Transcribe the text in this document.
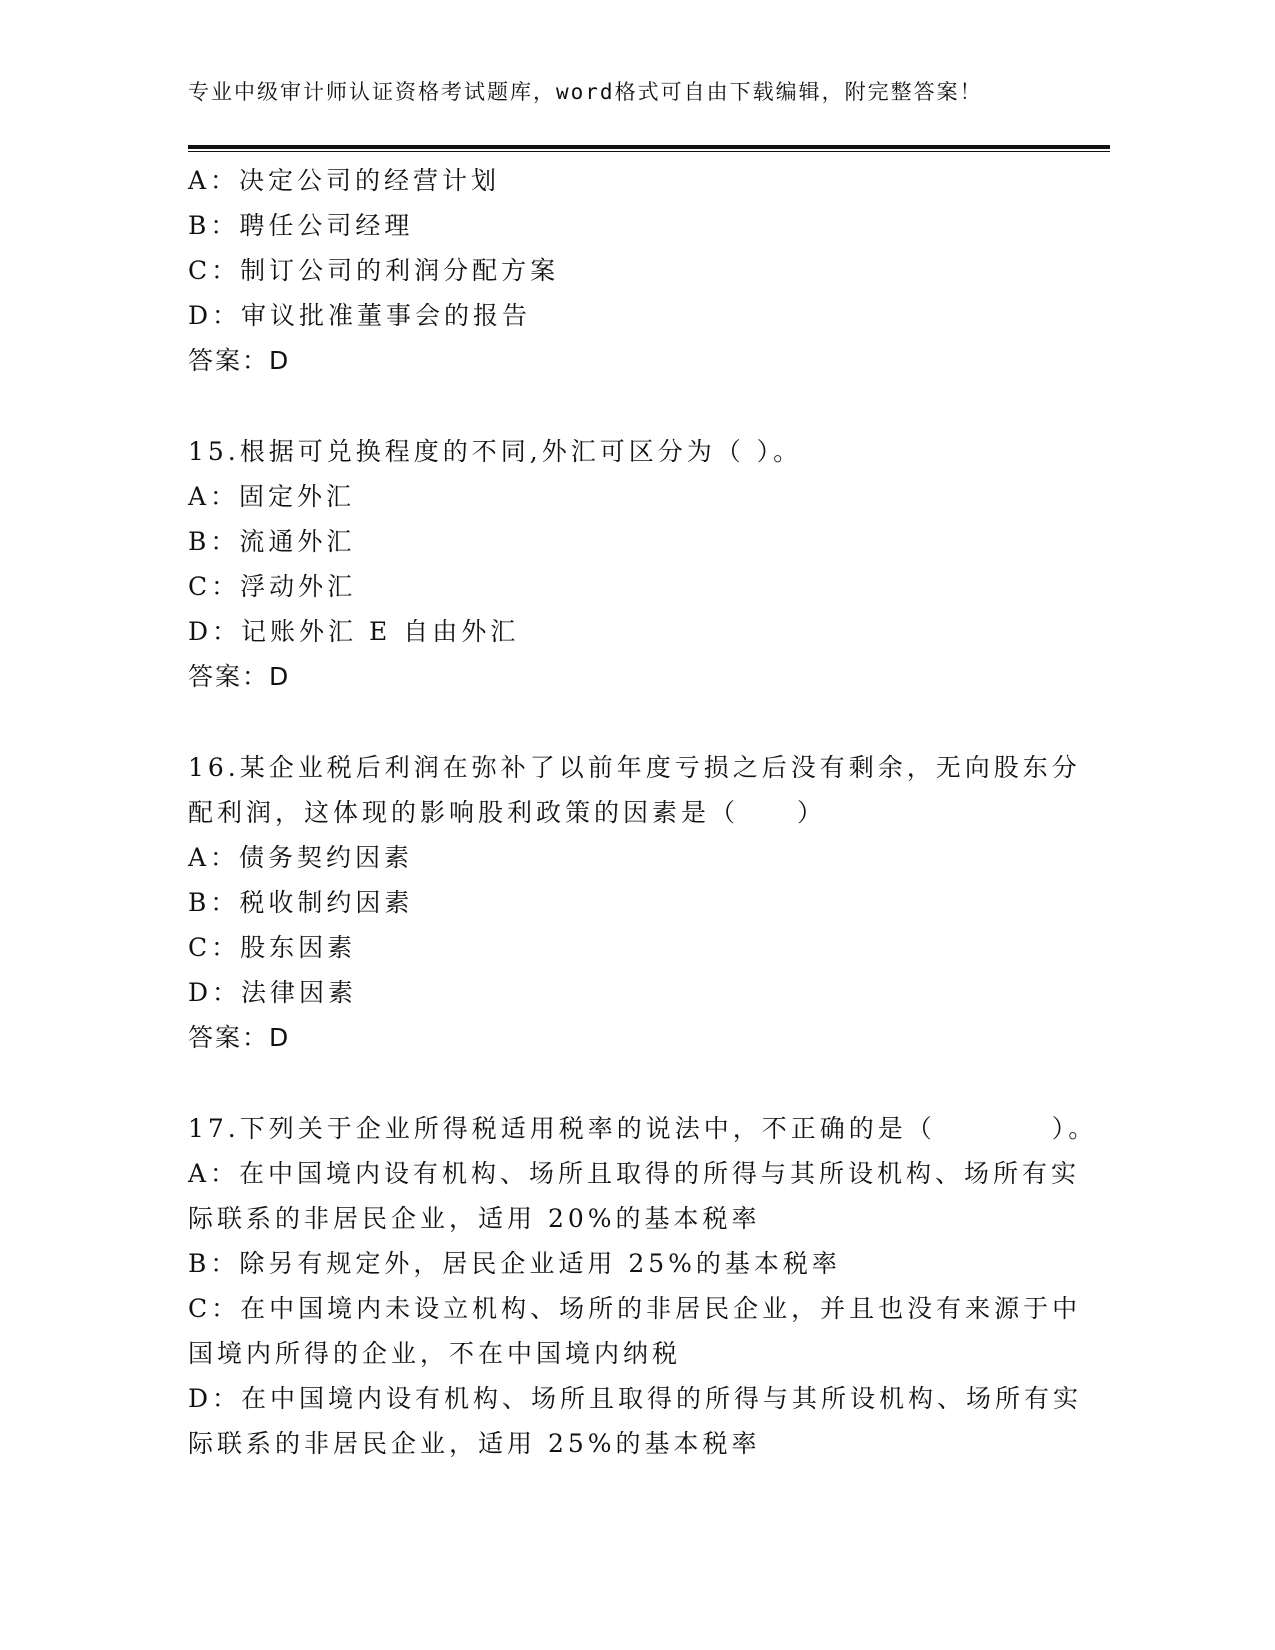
专业中级审计师认证资格考试题库，word格式可自由下载编辑，附完整答案！
A：决定公司的经营计划
B：聘任公司经理
C：制订公司的利润分配方案
D：审议批准董事会的报告
答案：D
15.根据可兑换程度的不同,外汇可区分为（ ）。
A：固定外汇
B：流通外汇
C：浮动外汇
D：记账外汇 E 自由外汇
答案：D
16.某企业税后利润在弥补了以前年度亏损之后没有剩余，无向股东分
配利润，这体现的影响股利政策的因素是（　　）
A：债务契约因素
B：税收制约因素
C：股东因素
D：法律因素
答案：D
17.下列关于企业所得税适用税率的说法中，不正确的是（　　　　）。
A：在中国境内设有机构、场所且取得的所得与其所设机构、场所有实
际联系的非居民企业，适用 20%的基本税率
B：除另有规定外，居民企业适用 25%的基本税率
C：在中国境内未设立机构、场所的非居民企业，并且也没有来源于中
国境内所得的企业，不在中国境内纳税
D：在中国境内设有机构、场所且取得的所得与其所设机构、场所有实
际联系的非居民企业，适用 25%的基本税率
